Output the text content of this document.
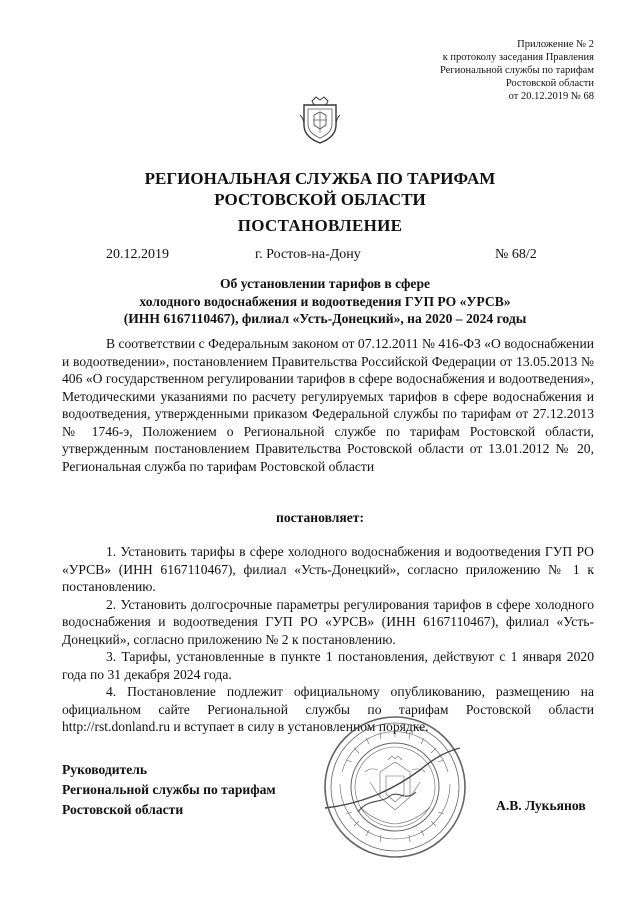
Приложение № 2
к протоколу заседания Правления
Региональной службы по тарифам
Ростовской области
от 20.12.2019 № 68
РЕГИОНАЛЬНАЯ СЛУЖБА ПО ТАРИФАМ
РОСТОВСКОЙ ОБЛАСТИ
ПОСТАНОВЛЕНИЕ
20.12.2019	г. Ростов-на-Дону	№ 68/2
Об установлении тарифов в сфере
холодного водоснабжения и водоотведения ГУП РО «УРСВ»
(ИНН 6167110467), филиал «Усть-Донецкий», на 2020 – 2024 годы

В соответствии с Федеральным законом от 07.12.2011 № 416-ФЗ «О водоснабжении и водоотведении», постановлением Правительства Российской Федерации от 13.05.2013 № 406 «О государственном регулировании тарифов в сфере водоснабжения и водоотведения», Методическими указаниями по расчету регулируемых тарифов в сфере водоснабжения и водоотведения, утвержденными приказом Федеральной службы по тарифам от 27.12.2013 № 1746-э, Положением о Региональной службе по тарифам Ростовской области, утвержденным постановлением Правительства Ростовской области от 13.01.2012 № 20, Региональная служба по тарифам Ростовской области

постановляет:

1. Установить тарифы в сфере холодного водоснабжения и водоотведения ГУП РО «УРСВ» (ИНН 6167110467), филиал «Усть-Донецкий», согласно приложению № 1 к постановлению.

2. Установить долгосрочные параметры регулирования тарифов в сфере холодного водоснабжения и водоотведения ГУП РО «УРСВ» (ИНН 6167110467), филиал «Усть-Донецкий», согласно приложению № 2 к постановлению.

3. Тарифы, установленные в пункте 1 постановления, действуют с 1 января 2020 года по 31 декабря 2024 года.

4. Постановление подлежит официальному опубликованию, размещению на официальном сайте Региональной службы по тарифам Ростовской области http://rst.donland.ru и вступает в силу в установленном порядке.

Руководитель
Региональной службы по тарифам
Ростовской области	А.В. Лукьянов
